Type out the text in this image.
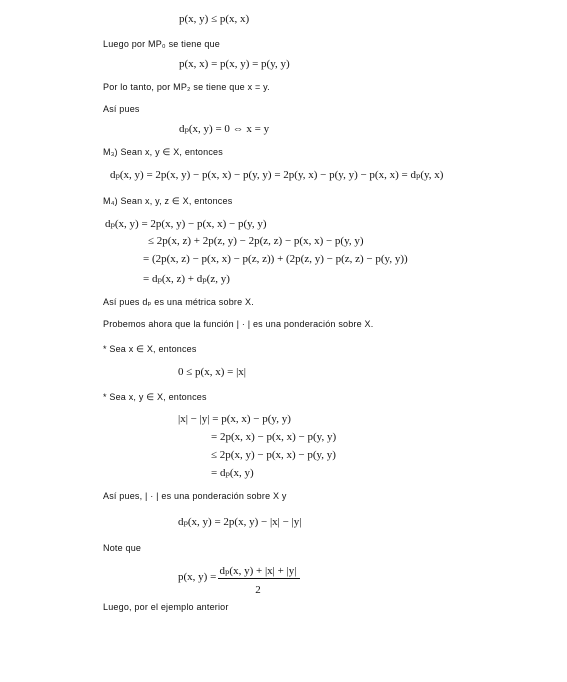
p(x, y) ≤ p(x, x)
Luego por MP₀ se tiene que
p(x, x) = p(x, y) = p(y, y)
Por lo tanto, por MP₂ se tiene que x = y.
Así pues
dₚ(x, y) = 0 ⇔ x = y
M₃) Sean x, y ∈ X, entonces
dₚ(x, y) = 2p(x, y) − p(x, x) − p(y, y) = 2p(y, x) − p(y, y) − p(x, x) = dₚ(y, x)
M₄) Sean x, y, z ∈ X, entonces
dₚ(x, y) = 2p(x, y) − p(x, x) − p(y, y)
≤ 2p(x, z) + 2p(z, y) − 2p(z, z) − p(x, x) − p(y, y)
= (2p(x, z) − p(x, x) − p(z, z)) + (2p(z, y) − p(z, z) − p(y, y))
= dₚ(x, z) + dₚ(z, y)
Así pues dₚ es una métrica sobre X.
Probemos ahora que la función | · | es una ponderación sobre X.
* Sea x ∈ X, entonces
0 ≤ p(x, x) = |x|
* Sea x, y ∈ X, entonces
|x| − |y| = p(x, x) − p(y, y)
= 2p(x, x) − p(x, x) − p(y, y)
≤ 2p(x, y) − p(x, x) − p(y, y)
= dₚ(x, y)
Así pues, | · | es una ponderación sobre X y
dₚ(x, y) = 2p(x, y) − |x| − |y|
Note que
p(x, y) = dₚ(x, y) + |x| + |y|
2
Luego, por el ejemplo anterior
